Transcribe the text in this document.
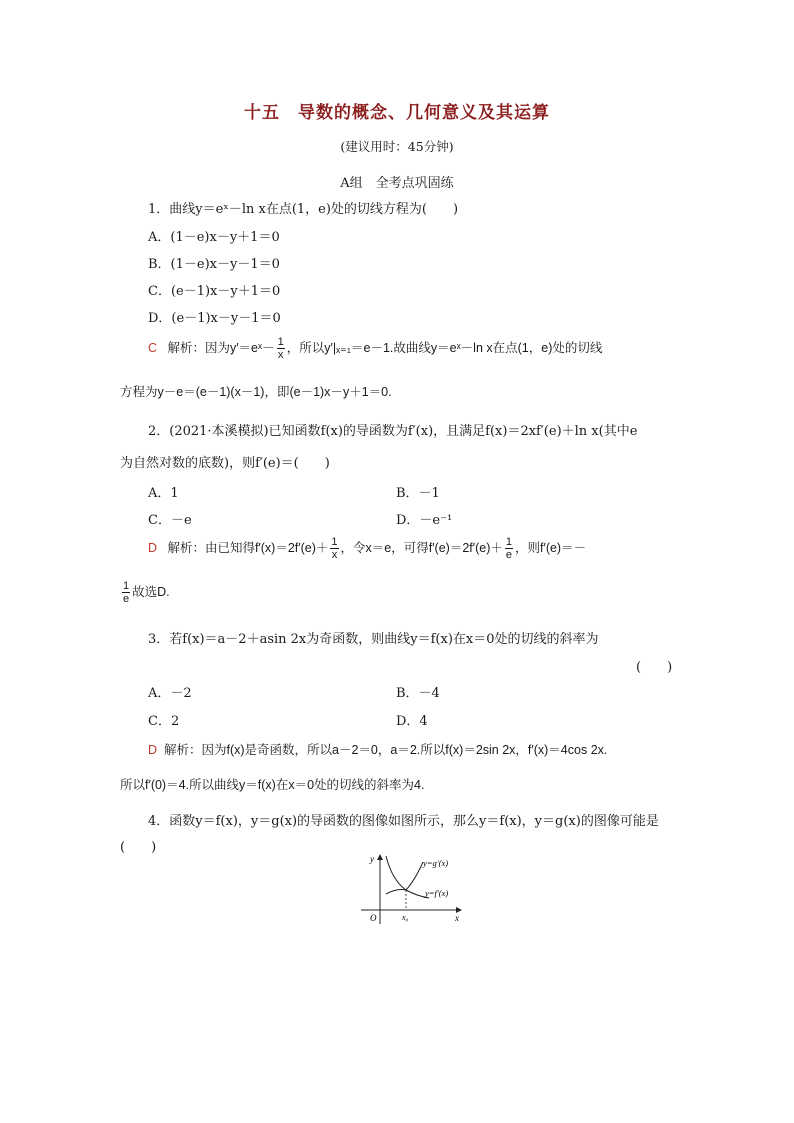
十五　导数的概念、几何意义及其运算
(建议用时：45分钟)
A组　全考点巩固练
1．曲线y＝eˣ－ln x在点(1，e)处的切线方程为(　　)
A．(1－e)x－y＋1＝0
B．(1－e)x－y－1＝0
C．(e－1)x－y＋1＝0
D．(e－1)x－y－1＝0
C 解析：因为y′＝eˣ－ $\frac{1}{x}$ ，所以y′|ₓ₌₁＝e－1.故曲线y＝eˣ－ln x在点(1，e)处的切线
方程为y－e＝(e－1)(x－1)，即(e－1)x－y＋1＝0.
2．(2021·本溪模拟)已知函数f(x)的导函数为f′(x)，且满足f(x)＝2xf′(e)＋ln x(其中e
为自然对数的底数)，则f′(e)＝(　　)
A．1	B．－1
C．－e	D．－e⁻¹
D 解析：由已知得$f'(x)=2f'(e)+ \frac{1}{x}$ ，令x＝e，可得$f'(e)=2f'(e)+ \frac{1}{e}$ ，则f′(e)＝－
$\frac{1}{e}$ 故选D.
3．若f(x)＝a－2＋asin 2x为奇函数，则曲线y＝f(x)在x＝0处的切线的斜率为
(　　)
A．－2	B．－4
C．2	D．4
D 解析：因为f(x)是奇函数，所以a－2＝0，a＝2.所以f(x)＝2sin 2x，f′(x)＝4cos 2x.
所以f′(0)＝4.所以曲线y＝f(x)在x＝0处的切线的斜率为4.
4．函数y＝f(x)，y＝g(x)的导函数的图像如图所示，那么y＝f(x)，y＝g(x)的图像可能是
(　　)
y
x
O	x₀
y=g′(x)
y=f′(x)
